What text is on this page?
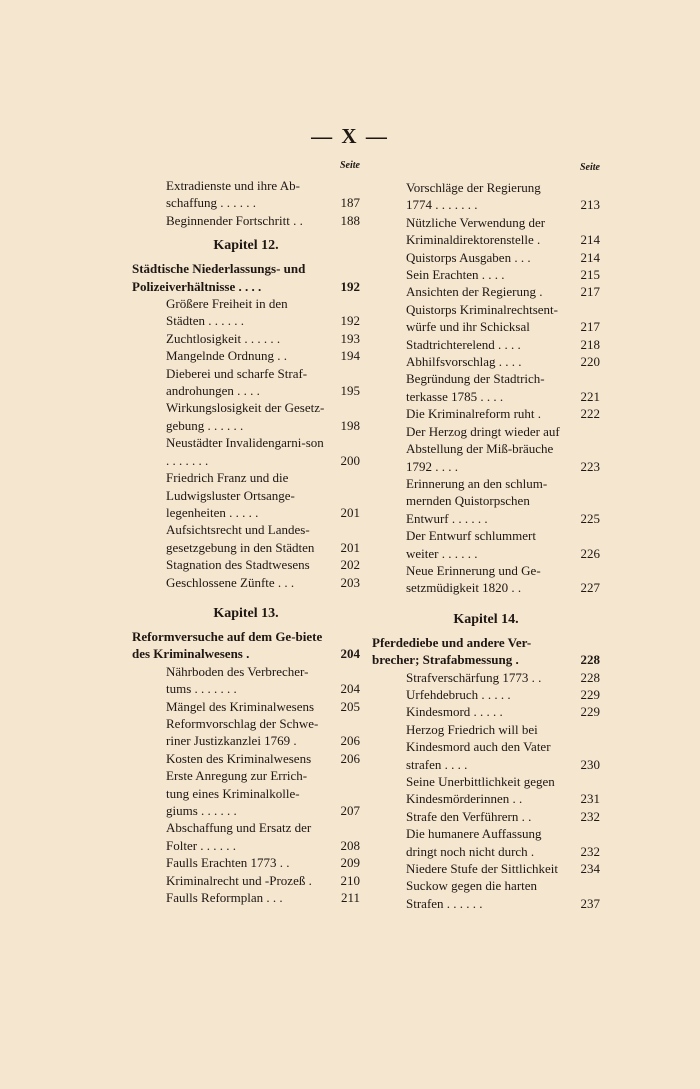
— X —
Seite
Extradienste und ihre Ab-schaffung . . . . . .	187
Beginnender Fortschritt . .	188
Kapitel 12.
Städtische Niederlassungs- und Polizeiverhältnisse . . . .	192
Größere Freiheit in den Städten . . . . . .	192
Zuchtlosigkeit . . . . . .	193
Mangelnde Ordnung . .	194
Dieberei und scharfe Straf-androhungen . . . .	195
Wirkungslosigkeit der Gesetz-gebung . . . . . .	198
Neustädter Invalidengarni-son . . . . . . .	200
Friedrich Franz und die Ludwigsluster Ortsange-legenheiten . . . . .	201
Aufsichtsrecht und Landes-gesetzgebung in den Städten	201
Stagnation des Stadtwesens	202
Geschlossene Zünfte . . .	203
Kapitel 13.
Reformversuche auf dem Ge-biete des Kriminalwesens .	204
Nährboden des Verbrecher-tums . . . . . . .	204
Mängel des Kriminalwesens	205
Reformvorschlag der Schwe-riner Justizkanzlei 1769 .	206
Kosten des Kriminalwesens	206
Erste Anregung zur Errich-tung eines Kriminalkolle-giums . . . . . .	207
Abschaffung und Ersatz der Folter . . . . . .	208
Faulls Erachten 1773 . .	209
Kriminalrecht und -Prozeß .	210
Faulls Reformplan . . .	211
Seite
Vorschläge der Regierung 1774 . . . . . . .	213
Nützliche Verwendung der Kriminaldirektorenstelle .	214
Quistorps Ausgaben . . .	214
Sein Erachten . . . .	215
Ansichten der Regierung .	217
Quistorps Kriminalrechtsent-würfe und ihr Schicksal	217
Stadtrichterelend . . . .	218
Abhilfsvorschlag . . . .	220
Begründung der Stadtrich-terkasse 1785 . . . .	221
Die Kriminalreform ruht .	222
Der Herzog dringt wieder auf Abstellung der Miß-bräuche 1792 . . . .	223
Erinnerung an den schlum-mernden Quistorpschen Entwurf . . . . . .	225
Der Entwurf schlummert weiter . . . . . .	226
Neue Erinnerung und Ge-setzmüdigkeit 1820 . .	227
Kapitel 14.
Pferdediebe und andere Ver-brecher; Strafabmessung .	228
Strafverschärfung 1773 . .	228
Urfehdebruch . . . . .	229
Kindesmord . . . . .	229
Herzog Friedrich will bei Kindesmord auch den Vater strafen . . . .	230
Seine Unerbittlichkeit gegen Kindesmörderinnen . .	231
Strafe den Verführern . .	232
Die humanere Auffassung dringt noch nicht durch .	232
Niedere Stufe der Sittlichkeit	234
Suckow gegen die harten Strafen . . . . . .	237
